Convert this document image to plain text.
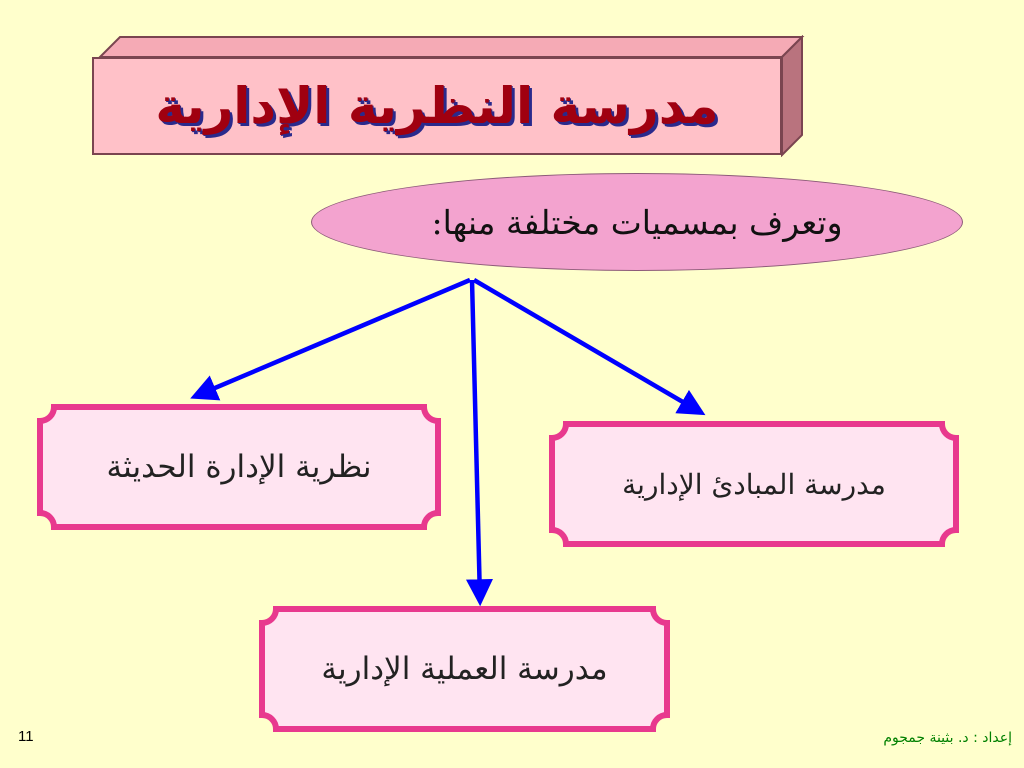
مدرسة النظرية الإدارية
وتعرف بمسميات مختلفة منها:
نظرية الإدارة الحديثة	مدرسة المبادئ الإدارية
مدرسة العملية الإدارية
11	إعداد : د. بثينة جمجوم
